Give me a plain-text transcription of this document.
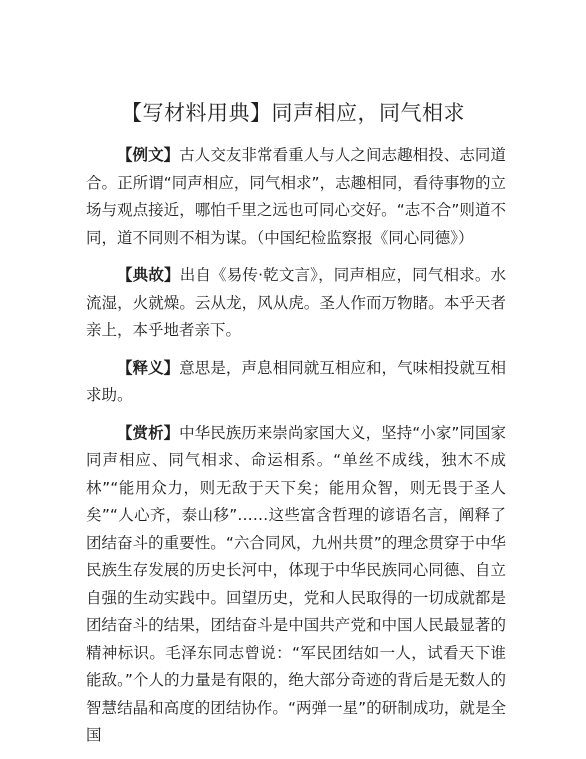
【写材料用典】同声相应，同气相求

【例文】古人交友非常看重人与人之间志趣相投、志同道合。正所谓“同声相应，同气相求”，志趣相同，看待事物的立场与观点接近，哪怕千里之远也可同心交好。“志不合”则道不同，道不同则不相为谋。（中国纪检监察报《同心同德》）

【典故】出自《易传·乾文言》，同声相应，同气相求。水流湿，火就燥。云从龙，风从虎。圣人作而万物睹。本乎天者亲上，本乎地者亲下。

【释义】意思是，声息相同就互相应和，气味相投就互相求助。

【赏析】中华民族历来崇尚家国大义，坚持“小家”同国家同声相应、同气相求、命运相系。“单丝不成线，独木不成林”“能用众力，则无敌于天下矣；能用众智，则无畏于圣人矣”“人心齐，泰山移”……这些富含哲理的谚语名言，阐释了团结奋斗的重要性。“六合同风，九州共贯”的理念贯穿于中华民族生存发展的历史长河中，体现于中华民族同心同德、自立自强的生动实践中。回望历史，党和人民取得的一切成就都是团结奋斗的结果，团结奋斗是中国共产党和中国人民最显著的精神标识。毛泽东同志曾说：“军民团结如一人，试看天下谁能敌。”个人的力量是有限的，绝大部分奇迹的背后是无数人的智慧结晶和高度的团结协作。“两弹一星”的研制成功，就是全国
